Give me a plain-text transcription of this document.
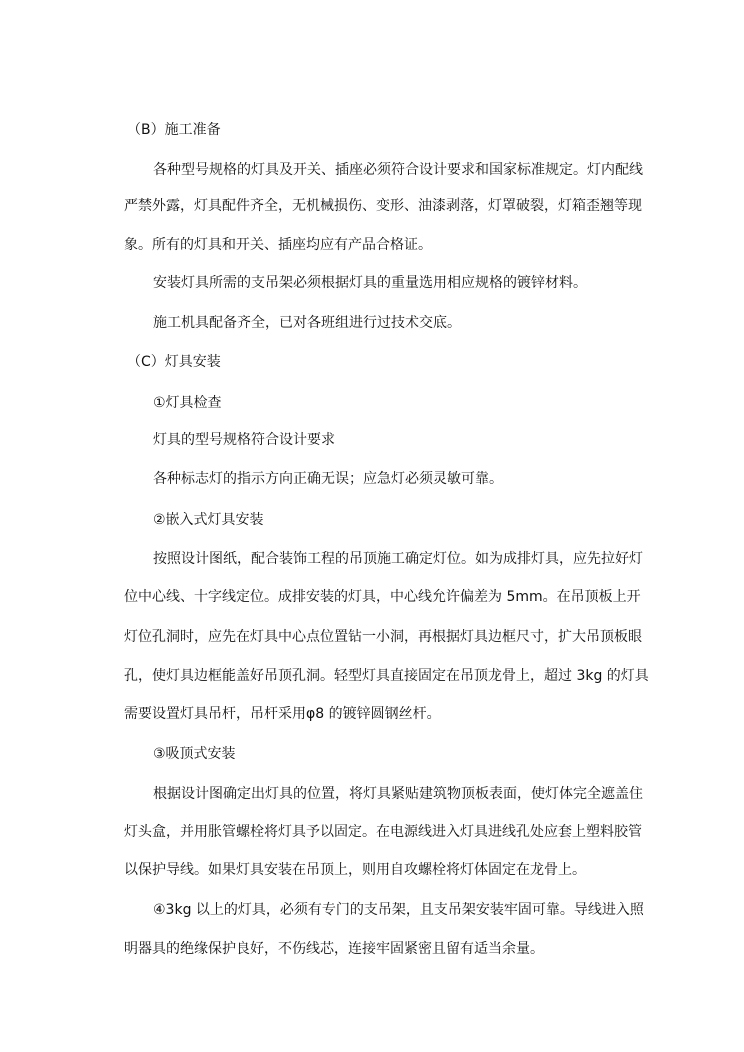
（B）施工准备
各种型号规格的灯具及开关、插座必须符合设计要求和国家标准规定。灯内配线
严禁外露，灯具配件齐全，无机械损伤、变形、油漆剥落，灯罩破裂，灯箱歪翘等现
象。所有的灯具和开关、插座均应有产品合格证。
安装灯具所需的支吊架必须根据灯具的重量选用相应规格的镀锌材料。
施工机具配备齐全，已对各班组进行过技术交底。
（C）灯具安装
①灯具检查
灯具的型号规格符合设计要求
各种标志灯的指示方向正确无误；应急灯必须灵敏可靠。
②嵌入式灯具安装
按照设计图纸，配合装饰工程的吊顶施工确定灯位。如为成排灯具，应先拉好灯
位中心线、十字线定位。成排安装的灯具，中心线允许偏差为 5mm。在吊顶板上开
灯位孔洞时，应先在灯具中心点位置钻一小洞，再根据灯具边框尺寸，扩大吊顶板眼
孔，使灯具边框能盖好吊顶孔洞。轻型灯具直接固定在吊顶龙骨上，超过 3kg 的灯具
需要设置灯具吊杆，吊杆采用φ8 的镀锌圆钢丝杆。
③吸顶式安装
根据设计图确定出灯具的位置，将灯具紧贴建筑物顶板表面，使灯体完全遮盖住
灯头盒，并用胀管螺栓将灯具予以固定。在电源线进入灯具进线孔处应套上塑料胶管
以保护导线。如果灯具安装在吊顶上，则用自攻螺栓将灯体固定在龙骨上。
④3kg 以上的灯具，必须有专门的支吊架，且支吊架安装牢固可靠。导线进入照
明器具的绝缘保护良好，不伤线芯，连接牢固紧密且留有适当余量。
